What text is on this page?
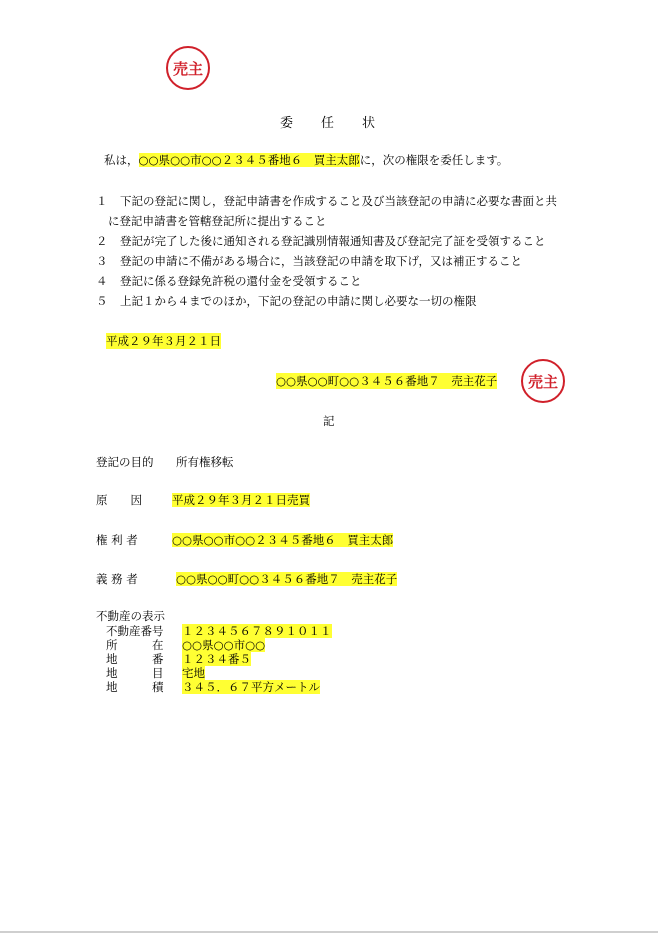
売主
売主
委 任 状
私は，○○県○○市○○２３４５番地６　買主太郎に，次の権限を委任します。
１ 下記の登記に関し，登記申請書を作成すること及び当該登記の申請に必要な書面と共
に登記申請書を管轄登記所に提出すること
２ 登記が完了した後に通知される登記識別情報通知書及び登記完了証を受領すること
３ 登記の申請に不備がある場合に，当該登記の申請を取下げ，又は補正すること
４ 登記に係る登録免許税の還付金を受領すること
５ 上記１から４までのほか，下記の登記の申請に関し必要な一切の権限
平成２９年３月２１日
○○県○○町○○３４５６番地７　売主花子
記
登記の目的 所有権移転
原　　因	平成２９年３月２１日売買
権 利 者	○○県○○市○○２３４５番地６　買主太郎
義 務 者	○○県○○町○○３４５６番地７　売主花子
不動産の表示
不動産番号 １２３４５６７８９１０１１
所　　　在 ○○県○○市○○
地　　　番 １２３４番５
地　　　目 宅地
地　　　積 ３４５．６７平方メートル
